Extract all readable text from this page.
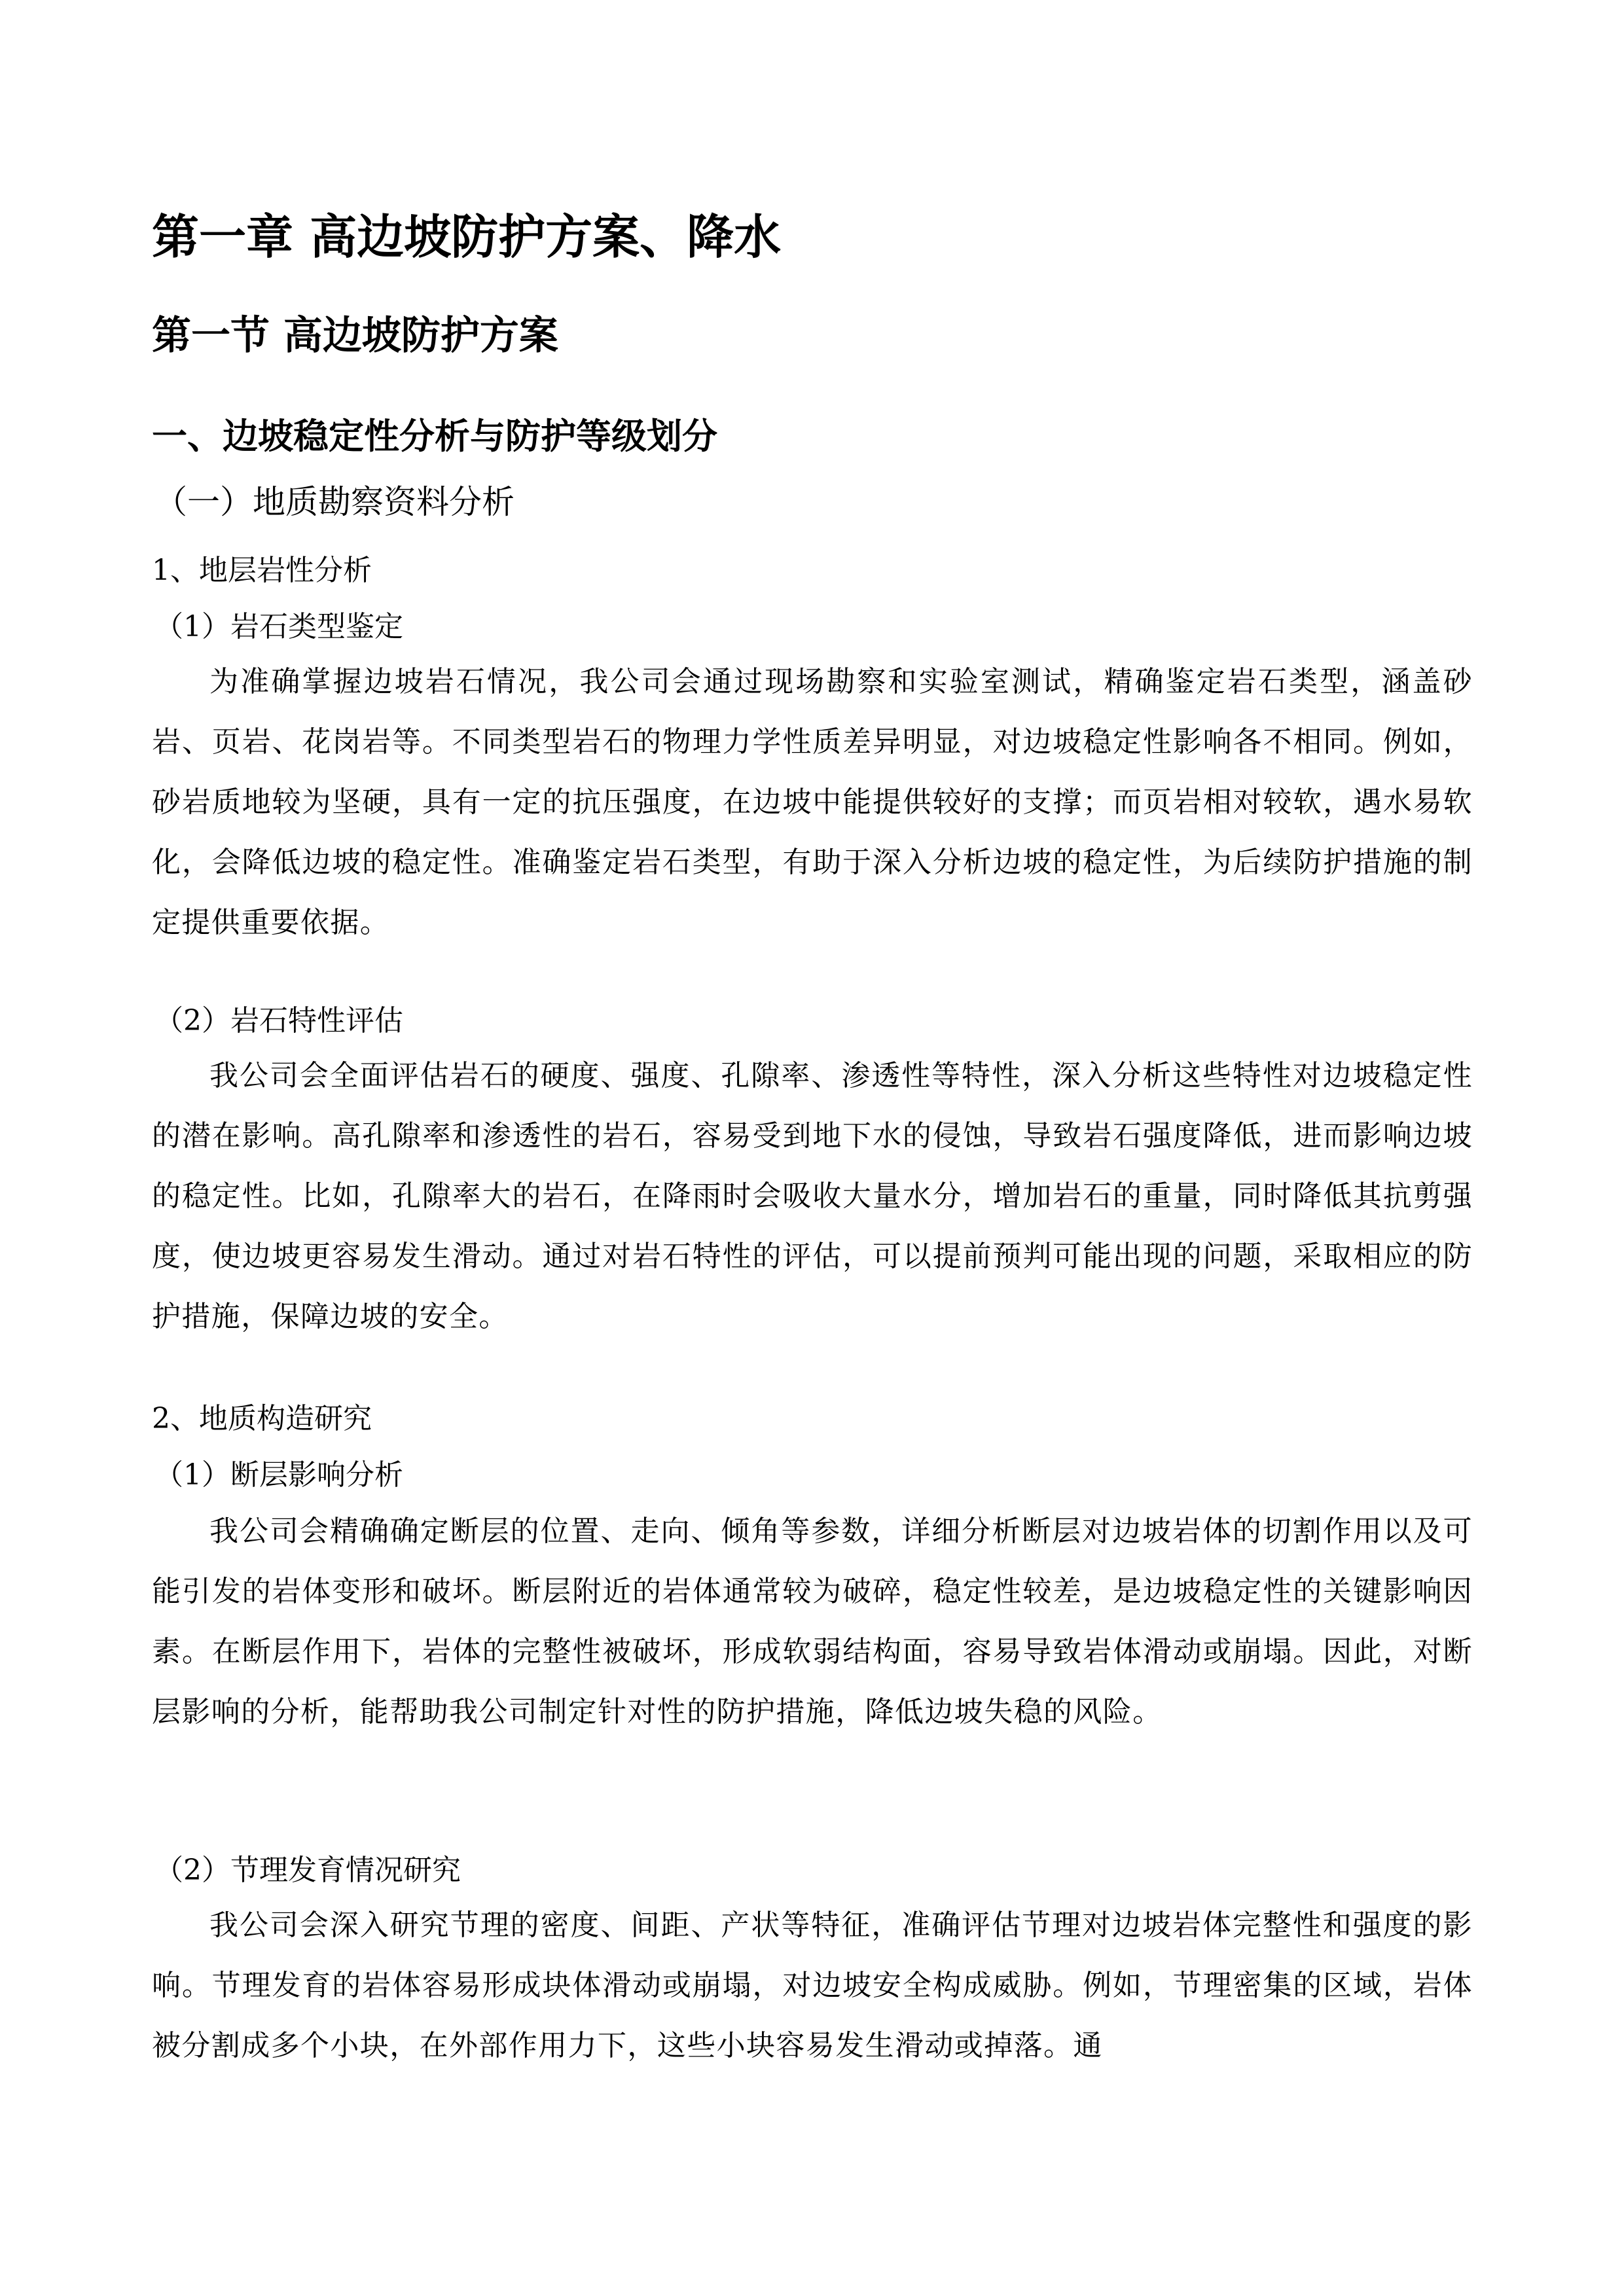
第一章 高边坡防护方案、降水
第一节 高边坡防护方案
一、边坡稳定性分析与防护等级划分
（一）地质勘察资料分析
1、地层岩性分析
（1）岩石类型鉴定

为准确掌握边坡岩石情况，我公司会通过现场勘察和实验室测试，精确鉴定岩石类型，涵盖砂岩、页岩、花岗岩等。不同类型岩石的物理力学性质差异明显，对边坡稳定性影响各不相同。例如，砂岩质地较为坚硬，具有一定的抗压强度，在边坡中能提供较好的支撑；而页岩相对较软，遇水易软化，会降低边坡的稳定性。准确鉴定岩石类型，有助于深入分析边坡的稳定性，为后续防护措施的制定提供重要依据。

（2）岩石特性评估

我公司会全面评估岩石的硬度、强度、孔隙率、渗透性等特性，深入分析这些特性对边坡稳定性的潜在影响。高孔隙率和渗透性的岩石，容易受到地下水的侵蚀，导致岩石强度降低，进而影响边坡的稳定性。比如，孔隙率大的岩石，在降雨时会吸收大量水分，增加岩石的重量，同时降低其抗剪强度，使边坡更容易发生滑动。通过对岩石特性的评估，可以提前预判可能出现的问题，采取相应的防护措施，保障边坡的安全。

2、地质构造研究
（1）断层影响分析

我公司会精确确定断层的位置、走向、倾角等参数，详细分析断层对边坡岩体的切割作用以及可能引发的岩体变形和破坏。断层附近的岩体通常较为破碎，稳定性较差，是边坡稳定性的关键影响因素。在断层作用下，岩体的完整性被破坏，形成软弱结构面，容易导致岩体滑动或崩塌。因此，对断层影响的分析，能帮助我公司制定针对性的防护措施，降低边坡失稳的风险。

（2）节理发育情况研究

我公司会深入研究节理的密度、间距、产状等特征，准确评估节理对边坡岩体完整性和强度的影响。节理发育的岩体容易形成块体滑动或崩塌，对边坡安全构成威胁。例如，节理密集的区域，岩体被分割成多个小块，在外部作用力下，这些小块容易发生滑动或掉落。通
